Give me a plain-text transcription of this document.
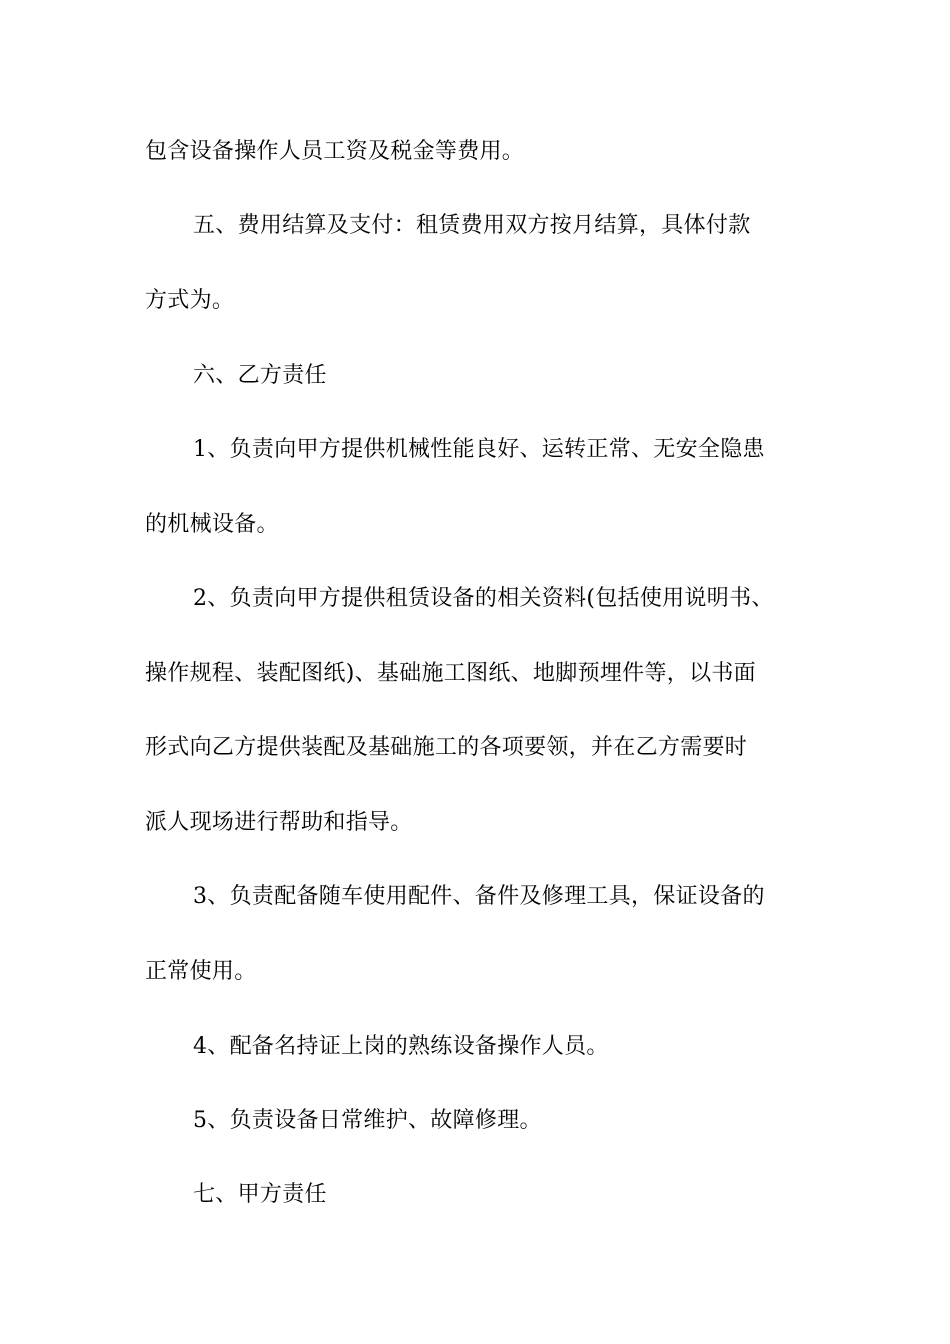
包含设备操作人员工资及税金等费用。
五、费用结算及支付：租赁费用双方按月结算，具体付款
方式为。
六、乙方责任
1、负责向甲方提供机械性能良好、运转正常、无安全隐患
的机械设备。
2、负责向甲方提供租赁设备的相关资料(包括使用说明书、
操作规程、装配图纸)、基础施工图纸、地脚预埋件等，以书面
形式向乙方提供装配及基础施工的各项要领，并在乙方需要时
派人现场进行帮助和指导。
3、负责配备随车使用配件、备件及修理工具，保证设备的
正常使用。
4、配备名持证上岗的熟练设备操作人员。
5、负责设备日常维护、故障修理。
七、甲方责任
